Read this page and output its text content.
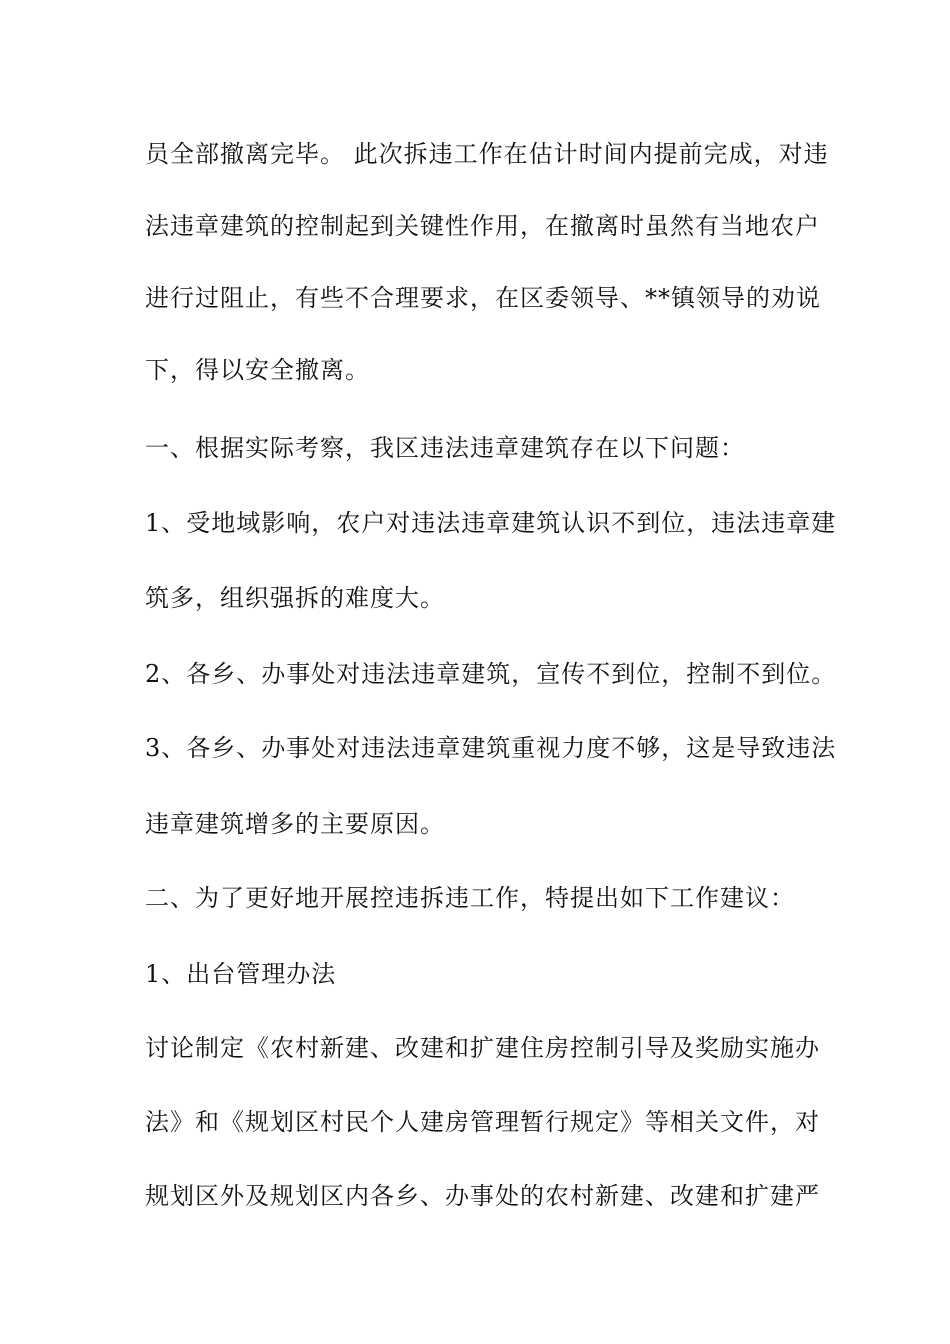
员全部撤离完毕。 此次拆违工作在估计时间内提前完成，对违
法违章建筑的控制起到关键性作用，在撤离时虽然有当地农户
进行过阻止，有些不合理要求，在区委领导、**镇领导的劝说
下，得以安全撤离。
一、根据实际考察，我区违法违章建筑存在以下问题：
1、受地域影响，农户对违法违章建筑认识不到位，违法违章建
筑多，组织强拆的难度大。
2、各乡、办事处对违法违章建筑，宣传不到位，控制不到位。
3、各乡、办事处对违法违章建筑重视力度不够，这是导致违法
违章建筑增多的主要原因。
二、为了更好地开展控违拆违工作，特提出如下工作建议：
1、出台管理办法
讨论制定《农村新建、改建和扩建住房控制引导及奖励实施办
法》和《规划区村民个人建房管理暂行规定》等相关文件，对
规划区外及规划区内各乡、办事处的农村新建、改建和扩建严
